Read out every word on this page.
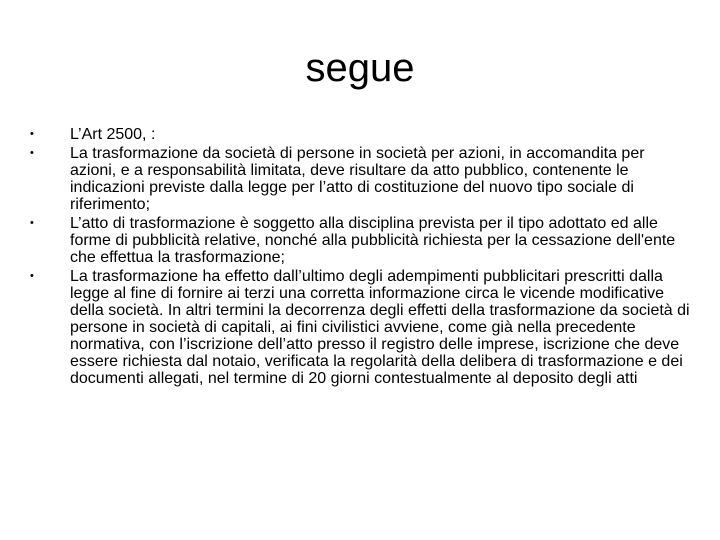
segue
• L’Art 2500, :
• La trasformazione da società di persone in società per azioni, in accomandita per azioni, e a responsabilità limitata, deve risultare da atto pubblico, contenente le indicazioni previste dalla legge per l’atto di costituzione del nuovo tipo sociale di riferimento;
• L’atto di trasformazione è soggetto alla disciplina prevista per il tipo adottato ed alle forme di pubblicità relative, nonché alla pubblicità richiesta per la cessazione dell'ente che effettua la trasformazione;
• La trasformazione ha effetto dall’ultimo degli adempimenti pubblicitari prescritti dalla legge al fine di fornire ai terzi una corretta informazione circa le vicende modificative della società. In altri termini la decorrenza degli effetti della trasformazione da società di persone in società di capitali, ai fini civilistici avviene, come già nella precedente normativa, con l’iscrizione dell’atto presso il registro delle imprese, iscrizione che deve essere richiesta dal notaio, verificata la regolarità della delibera di trasformazione e dei documenti allegati, nel termine di 20 giorni contestualmente al deposito degli atti
